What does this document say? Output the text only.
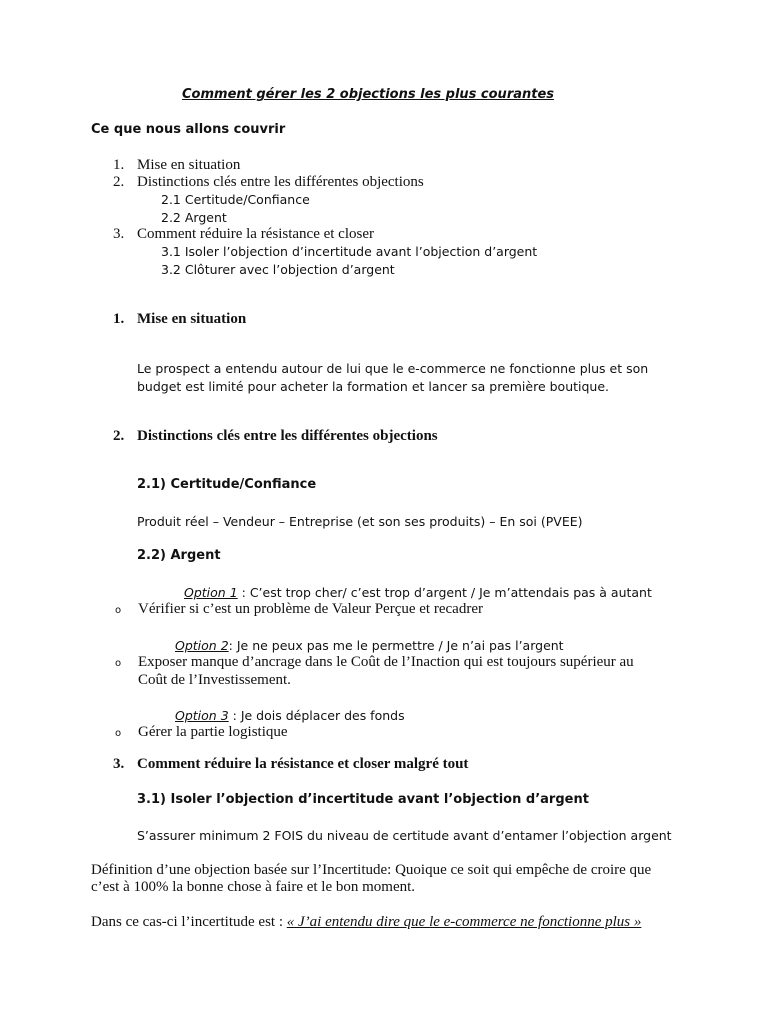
Comment gérer les 2 objections les plus courantes
Ce que nous allons couvrir
1. Mise en situation
2. Distinctions clés entre les différentes objections
2.1 Certitude/Confiance
2.2 Argent
3. Comment réduire la résistance et closer
3.1 Isoler l’objection d’incertitude avant l’objection d’argent
3.2 Clôturer avec l’objection d’argent
1. Mise en situation
Le prospect a entendu autour de lui que le e-commerce ne fonctionne plus et son
budget est limité pour acheter la formation et lancer sa première boutique.
2. Distinctions clés entre les différentes objections
2.1) Certitude/Confiance
Produit réel – Vendeur – Entreprise (et son ses produits) – En soi (PVEE)
2.2) Argent
Option 1 : C’est trop cher/ c’est trop d’argent / Je m’attendais pas à autant
o Vérifier si c’est un problème de Valeur Perçue et recadrer
Option 2: Je ne peux pas me le permettre / Je n’ai pas l’argent
o Exposer manque d’ancrage dans le Coût de l’Inaction qui est toujours supérieur au
Coût de l’Investissement.
Option 3 : Je dois déplacer des fonds
o Gérer la partie logistique
3. Comment réduire la résistance et closer malgré tout
3.1) Isoler l’objection d’incertitude avant l’objection d’argent
S’assurer minimum 2 FOIS du niveau de certitude avant d’entamer l’objection argent
Définition d’une objection basée sur l’Incertitude: Quoique ce soit qui empêche de croire que
c’est à 100% la bonne chose à faire et le bon moment.
Dans ce cas-ci l’incertitude est : « J’ai entendu dire que le e-commerce ne fonctionne plus »
